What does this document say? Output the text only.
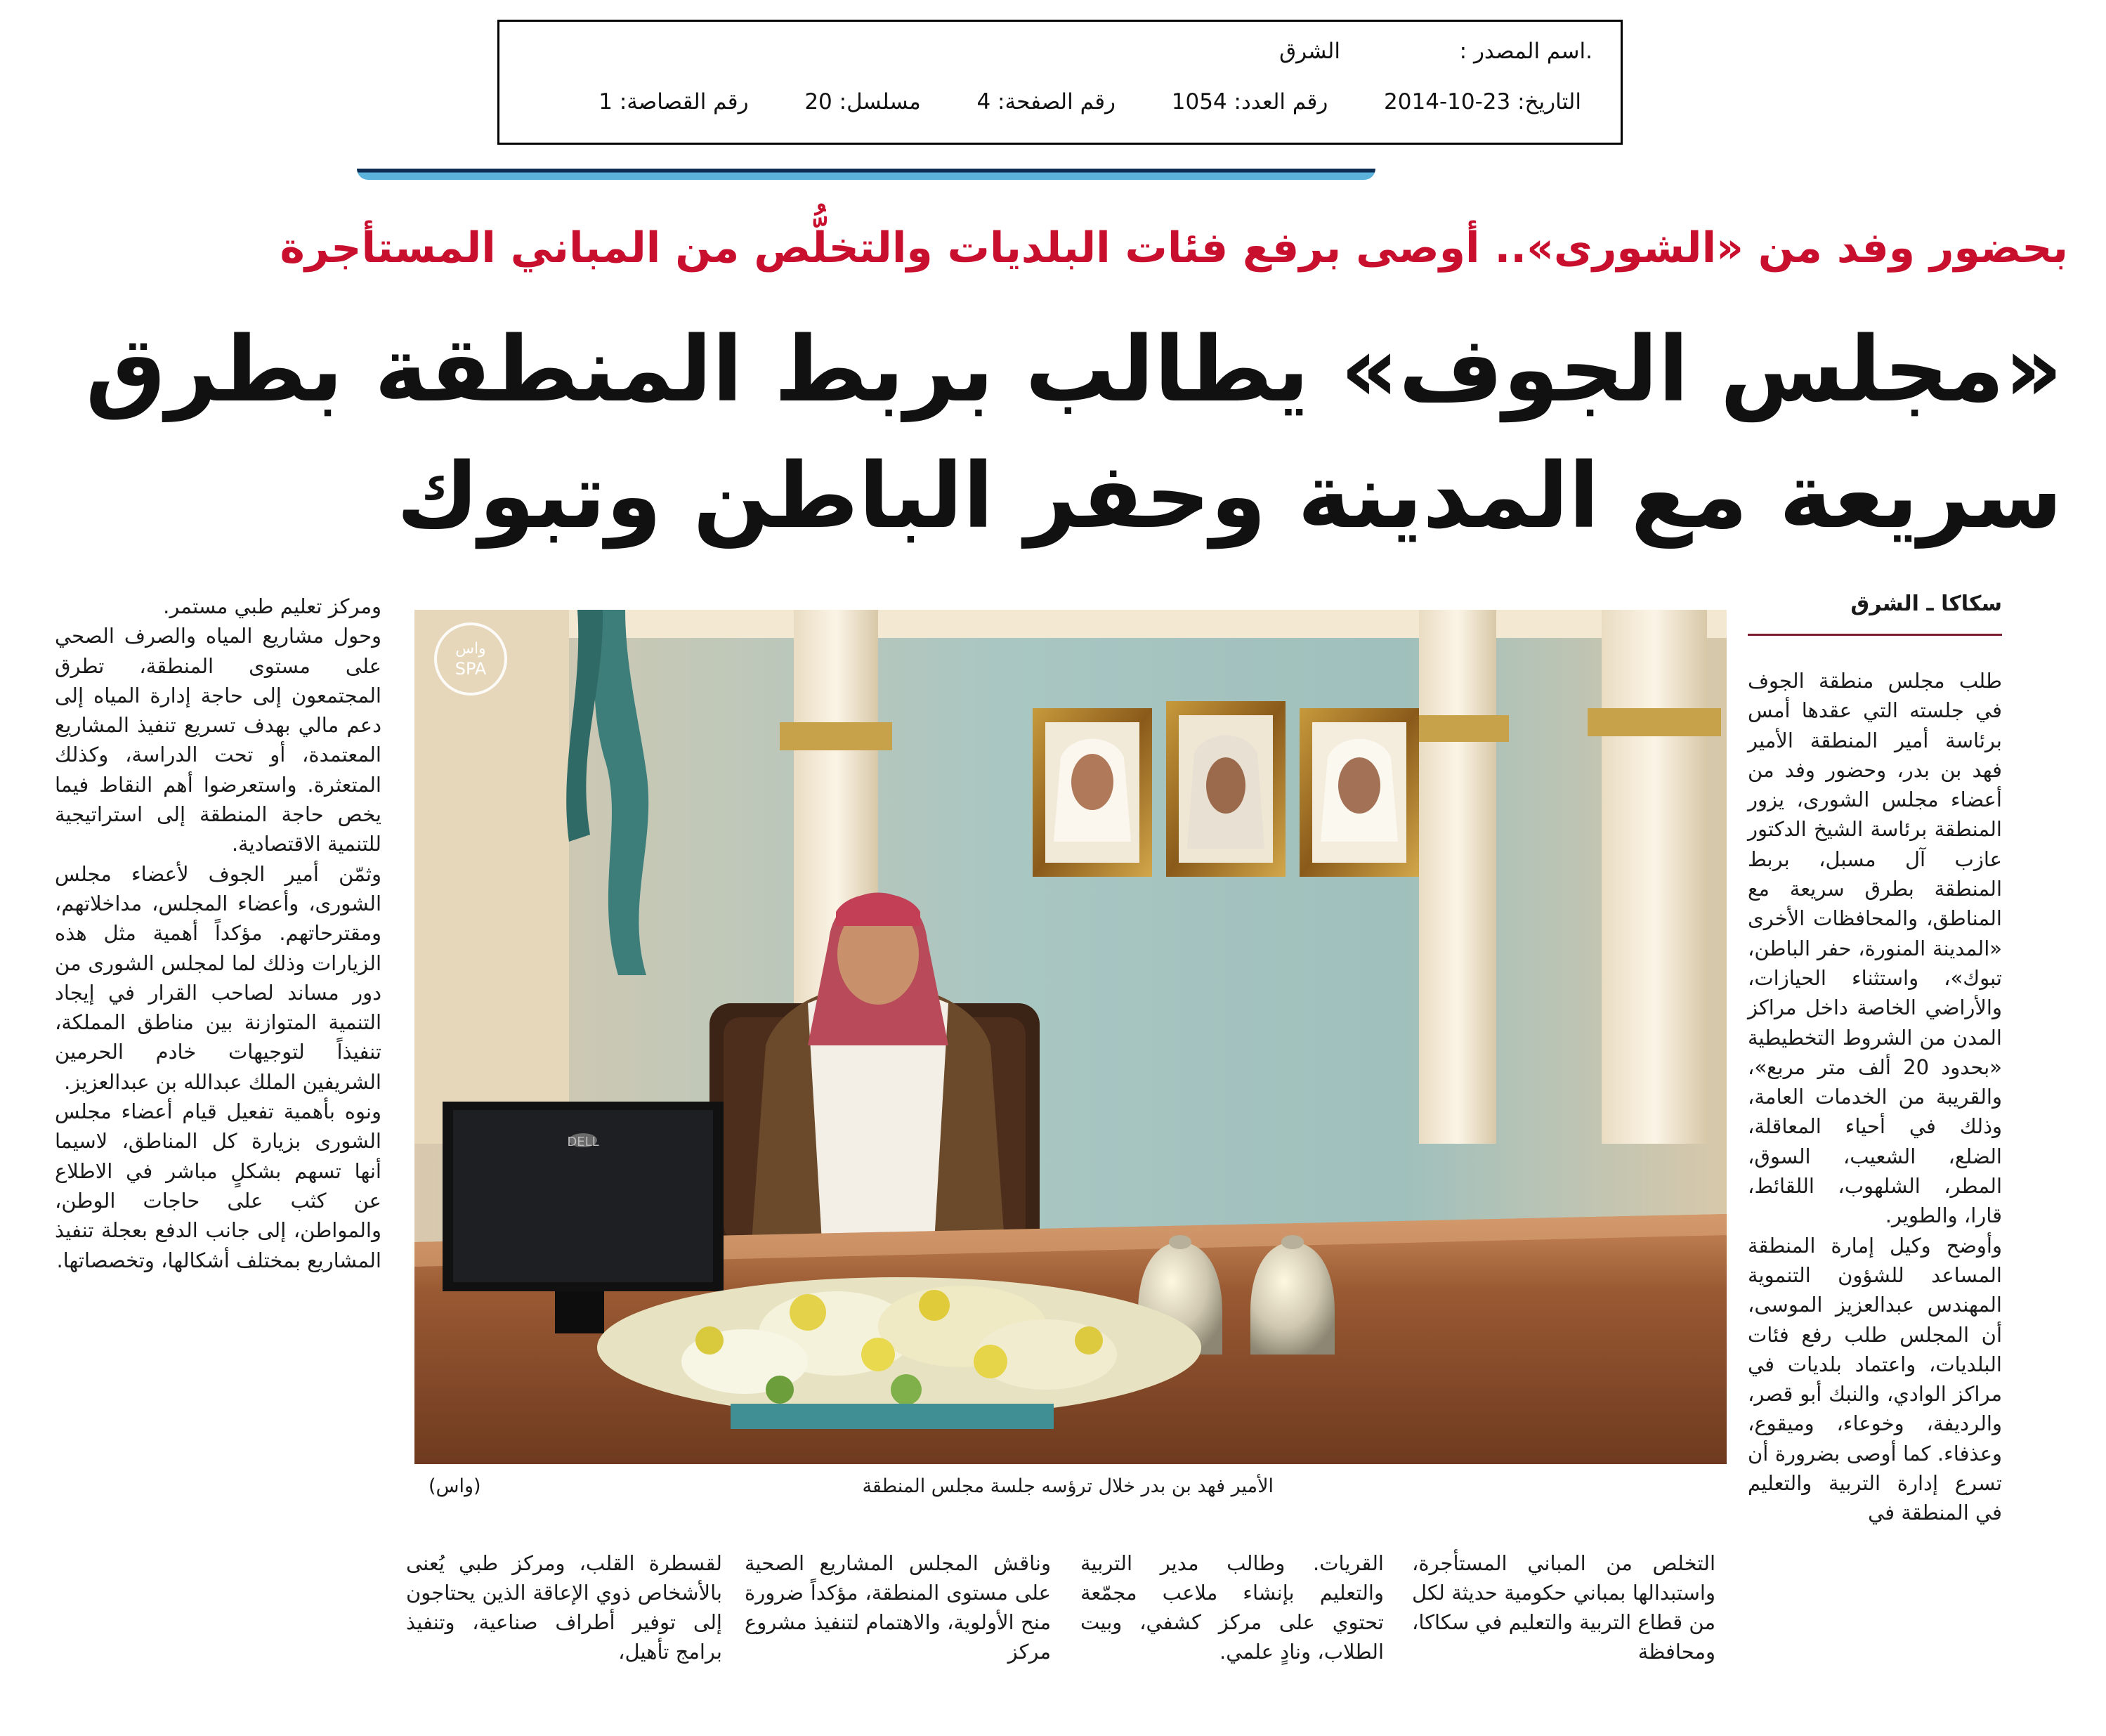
.اسم المصدر :  الشرق
التاريخ: 2014-10-23  رقم العدد: 1054  رقم الصفحة: 4  مسلسل: 20  رقم القصاصة: 1
بحضور وفد من «الشورى».. أوصى برفع فئات البلديات والتخلُّص من المباني المستأجرة
«مجلس الجوف» يطالب بربط المنطقة بطرق
سريعة مع المدينة وحفر الباطن وتبوك
سكاكا ـ الشرق

طلب مجلس منطقة الجوف في جلسته التي عقدها أمس برئاسة أمير المنطقة الأمير فهد بن بدر، وحضور وفد من أعضاء مجلس الشورى، يزور المنطقة برئاسة الشيخ الدكتور عازب آل مسبل، بربط المنطقة بطرق سريعة مع المناطق، والمحافظات الأخرى «المدينة المنورة، حفر الباطن، تبوك»، واستثناء الحيازات، والأراضي الخاصة داخل مراكز المدن من الشروط التخطيطية «بحدود 20 ألف متر مربع»، والقريبة من الخدمات العامة، وذلك في أحياء المعاقلة، الضلع، الشعيب، السوق، المطر، الشلهوب، اللقائط، قارا، والطوير.

وأوضح وكيل إمارة المنطقة المساعد للشؤون التنموية المهندس عبدالعزيز الموسى، أن المجلس طلب رفع فئات البلديات، واعتماد بلديات في مراكز الوادي، والنبك أبو قصر، والرديفة، وخوعاء، وميقوع، وعذفاء. كما أوصى بضرورة أن تسرع إدارة التربية والتعليم في المنطقة في

ومركز تعليم طبي مستمر.

وحول مشاريع المياه والصرف الصحي على مستوى المنطقة، تطرق المجتمعون إلى حاجة إدارة المياه إلى دعم مالي بهدف تسريع تنفيذ المشاريع المعتمدة، أو تحت الدراسة، وكذلك المتعثرة. واستعرضوا أهم النقاط فيما يخص حاجة المنطقة إلى استراتيجية للتنمية الاقتصادية.

وثمّن أمير الجوف لأعضاء مجلس الشورى، وأعضاء المجلس، مداخلاتهم، ومقترحاتهم. مؤكداً أهمية مثل هذه الزيارات وذلك لما لمجلس الشورى من دور مساند لصاحب القرار في إيجاد التنمية المتوازنة بين مناطق المملكة، تنفيذاً لتوجيهات خادم الحرمين الشريفين الملك عبدالله بن عبدالعزيز.

ونوه بأهمية تفعيل قيام أعضاء مجلس الشورى بزيارة كل المناطق، لاسيما أنها تسهم بشكلٍ مباشر في الاطلاع عن كثب على حاجات الوطن، والمواطن، إلى جانب الدفع بعجلة تنفيذ المشاريع بمختلف أشكالها، وتخصصاتها.

التخلص من المباني المستأجرة، واستبدالها بمباني حكومية حديثة لكل من قطاع التربية والتعليم في سكاكا، ومحافظة
القريات. وطالب مدير التربية والتعليم بإنشاء ملاعب مجمّعة تحتوي على مركز كشفي، وبيت الطلاب، ونادٍ علمي.
وناقش المجلس المشاريع الصحية على مستوى المنطقة، مؤكداً ضرورة منح الأولوية، والاهتمام لتنفيذ مشروع مركز
لقسطرة القلب، ومركز طبي يُعنى بالأشخاص ذوي الإعاقة الذين يحتاجون إلى توفير أطراف صناعية، وتنفيذ برامج تأهيل،
DELL
واس
SPA
الأمير فهد بن بدر خلال ترؤسه جلسة مجلس المنطقة
(واس)
